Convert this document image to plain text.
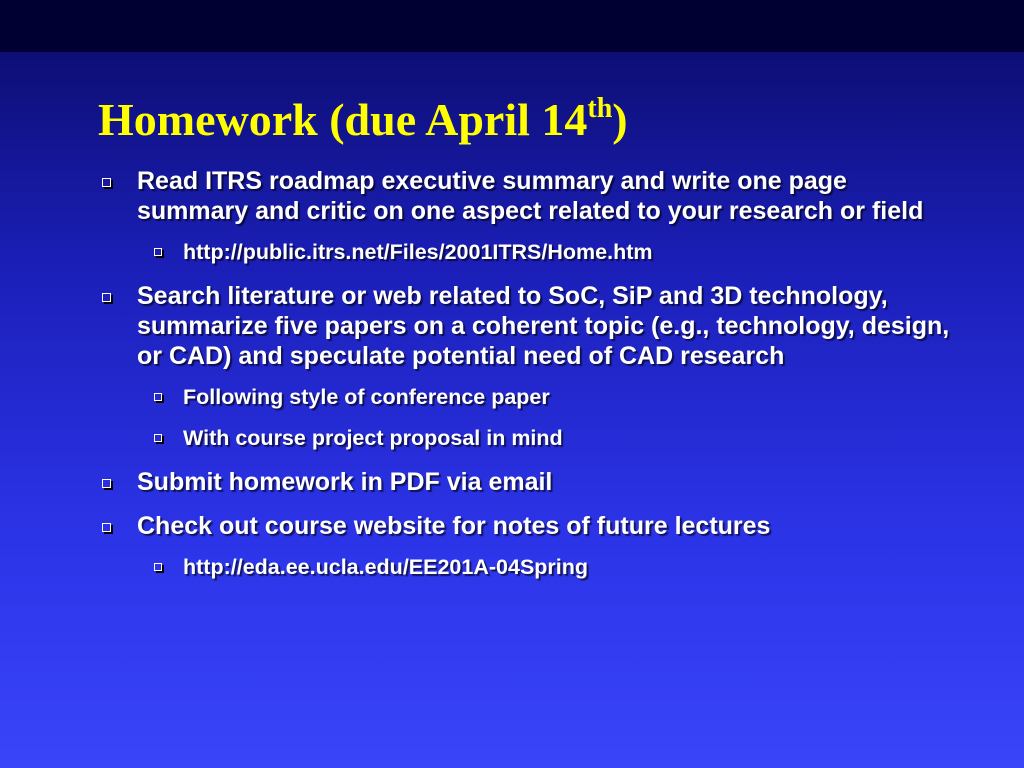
Homework (due April 14th)
Read ITRS roadmap executive summary and write one page summary and critic on one aspect related to your research or field
http://public.itrs.net/Files/2001ITRS/Home.htm
Search literature or web related to SoC, SiP and 3D technology, summarize five papers on a coherent topic (e.g., technology, design, or CAD) and speculate potential need of CAD research
Following style of conference paper
With course project proposal in mind
Submit homework in PDF via email
Check out course website for notes of future lectures
http://eda.ee.ucla.edu/EE201A-04Spring
